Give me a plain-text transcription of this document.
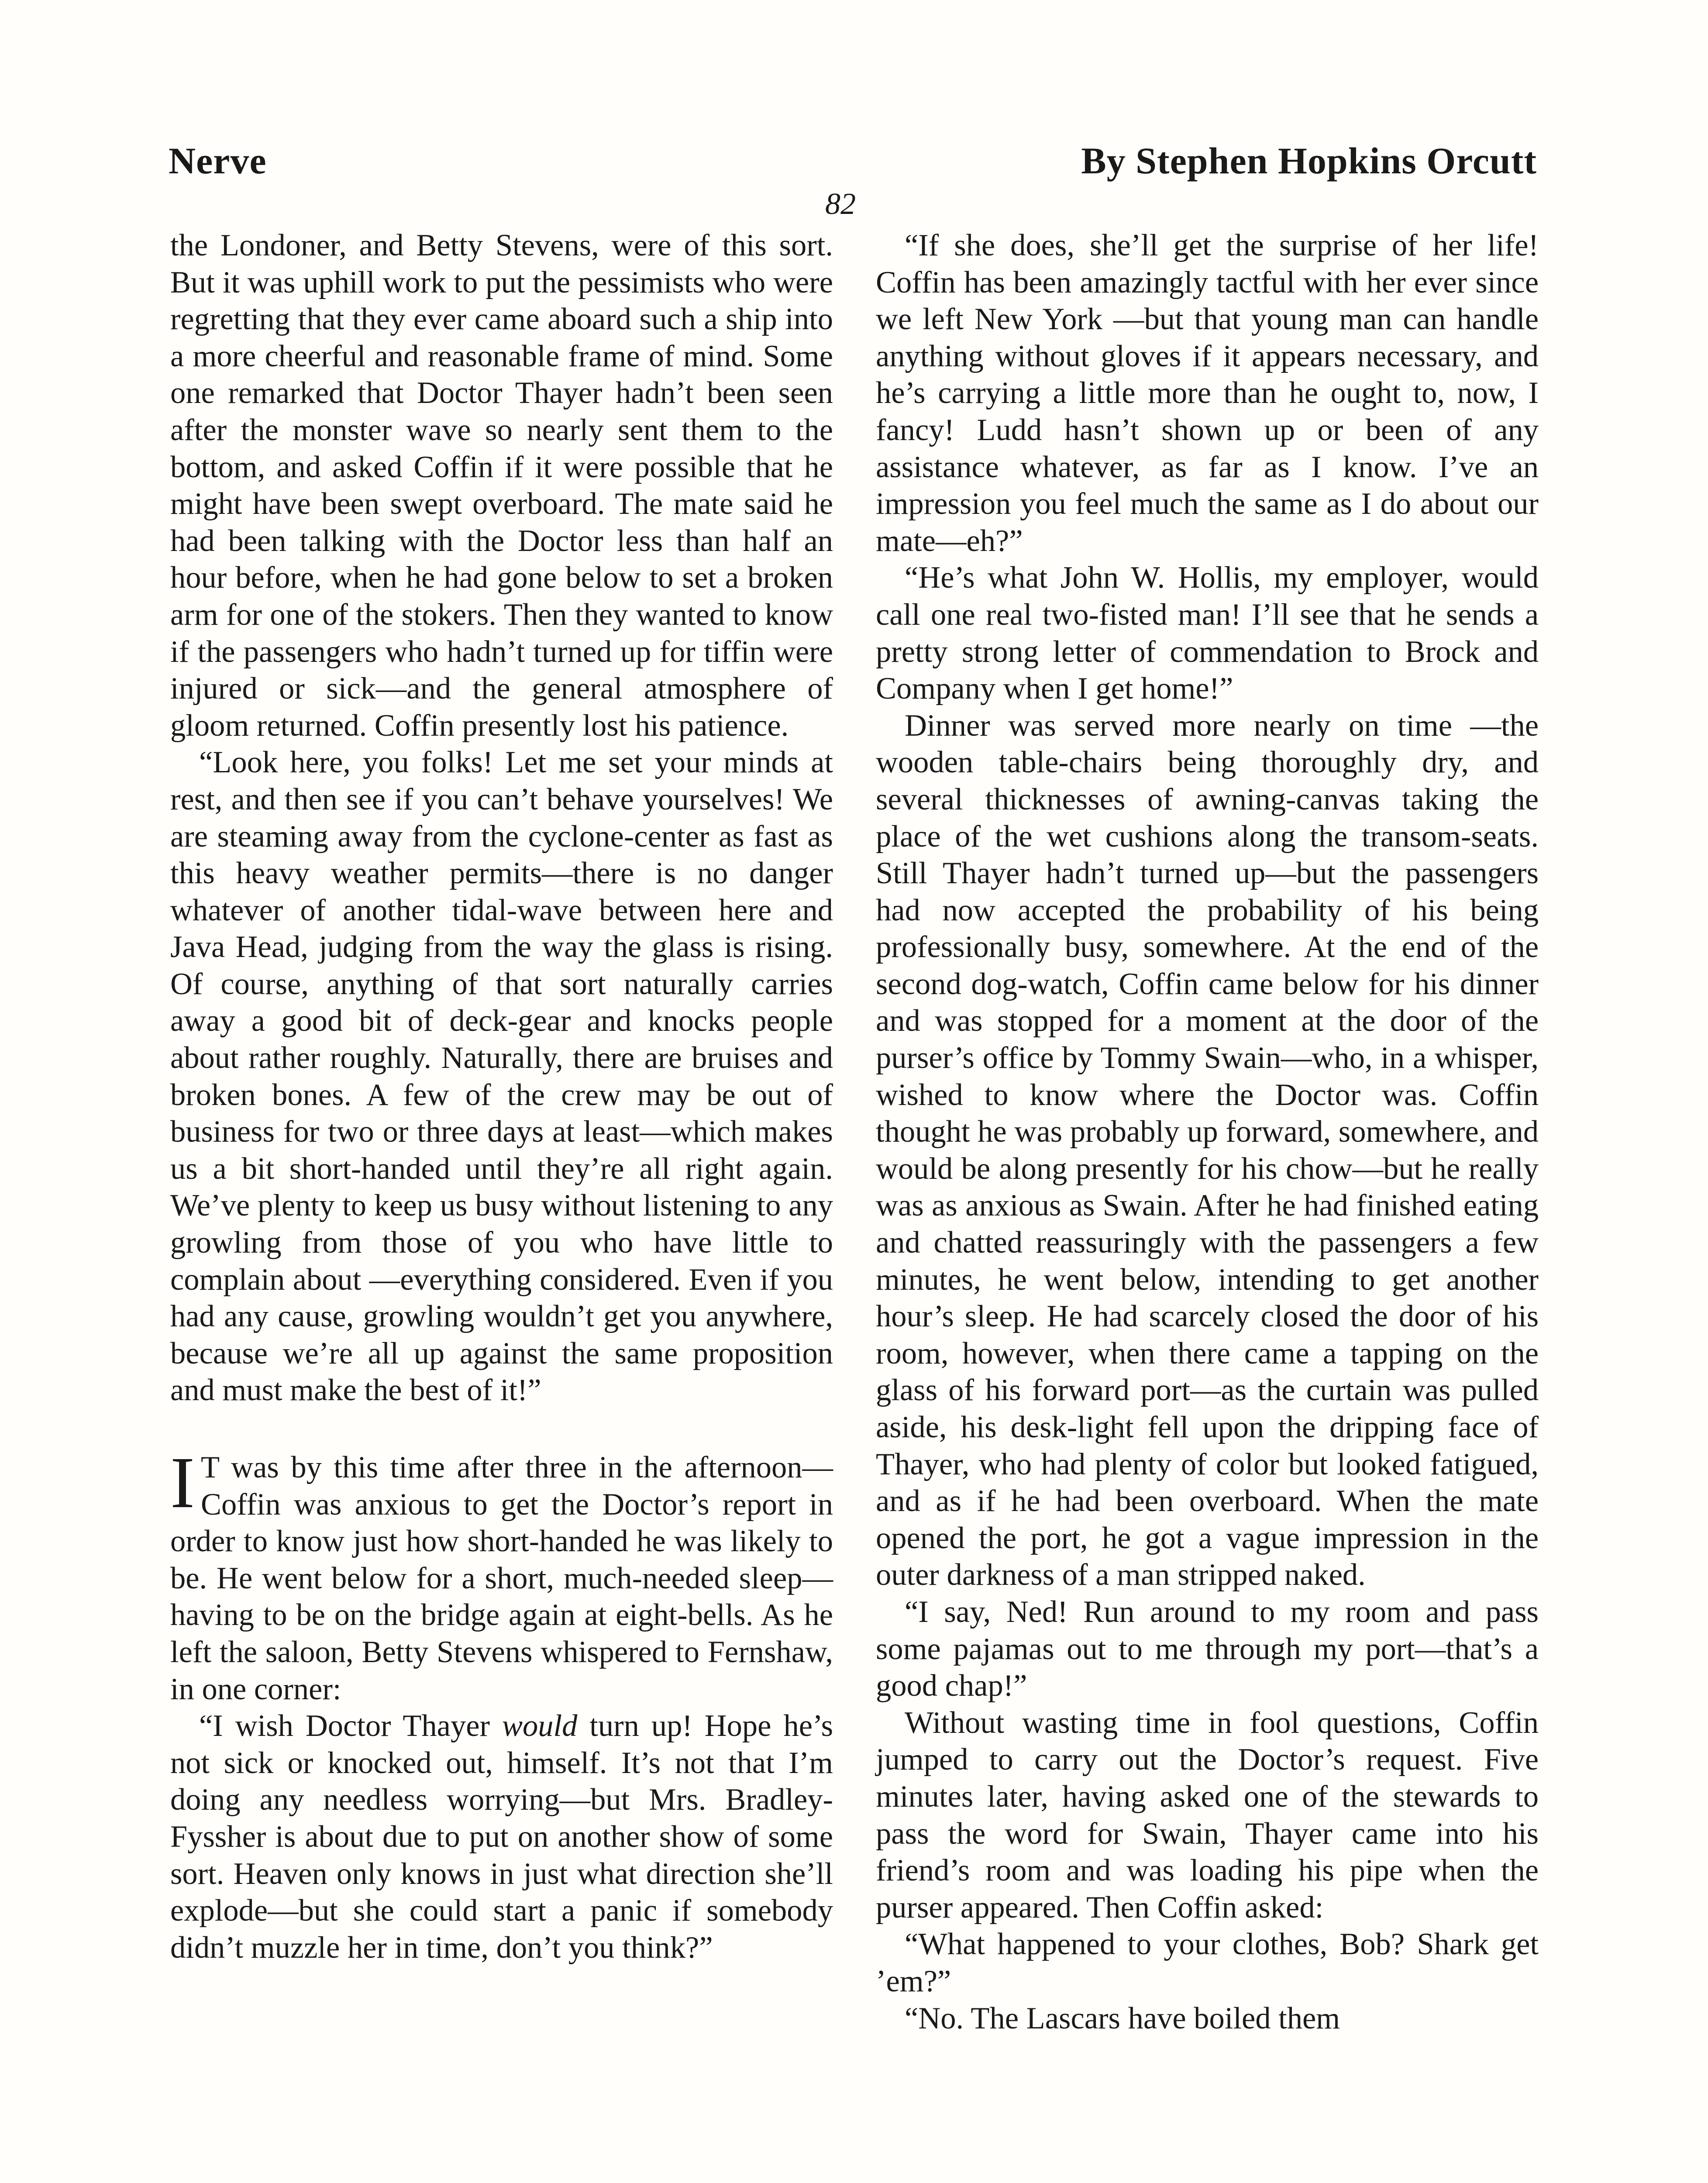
Nerve	By Stephen Hopkins Orcutt
82

the Londoner, and Betty Stevens, were of this sort. But it was uphill work to put the pessimists who were regretting that they ever came aboard such a ship into a more cheerful and reasonable frame of mind. Some one remarked that Doctor Thayer hadn’t been seen after the monster wave so nearly sent them to the bottom, and asked Coffin if it were possible that he might have been swept overboard. The mate said he had been talking with the Doctor less than half an hour before, when he had gone below to set a broken arm for one of the stokers. Then they wanted to know if the passengers who hadn’t turned up for tiffin were injured or sick—and the general atmosphere of gloom returned. Coffin presently lost his patience.

“Look here, you folks! Let me set your minds at rest, and then see if you can’t behave yourselves! We are steaming away from the cyclone-center as fast as this heavy weather permits—there is no danger whatever of another tidal-wave between here and Java Head, judging from the way the glass is rising. Of course, anything of that sort naturally carries away a good bit of deck-gear and knocks people about rather roughly. Naturally, there are bruises and broken bones. A few of the crew may be out of business for two or three days at least—which makes us a bit short-handed until they’re all right again. We’ve plenty to keep us busy without listening to any growling from those of you who have little to complain about —everything considered. Even if you had any cause, growling wouldn’t get you anywhere, because we’re all up against the same proposition and must make the best of it!”

I T was by this time after three in the afternoon—Coffin was anxious to get the Doctor’s report in order to know just how short-handed he was likely to be. He went below for a short, much-needed sleep—having to be on the bridge again at eight-bells. As he left the saloon, Betty Stevens whispered to Fernshaw, in one corner:

“I wish Doctor Thayer would turn up! Hope he’s not sick or knocked out, himself. It’s not that I’m doing any needless worrying—but Mrs. Bradley-Fyssher is about due to put on another show of some sort. Heaven only knows in just what direction she’ll explode—but she could start a panic if somebody didn’t muzzle her in time, don’t you think?”

“If she does, she’ll get the surprise of her life! Coffin has been amazingly tactful with her ever since we left New York —but that young man can handle anything without gloves if it appears necessary, and he’s carrying a little more than he ought to, now, I fancy! Ludd hasn’t shown up or been of any assistance whatever, as far as I know. I’ve an impression you feel much the same as I do about our mate—eh?”

“He’s what John W. Hollis, my employer, would call one real two-fisted man! I’ll see that he sends a pretty strong letter of commendation to Brock and Company when I get home!”

Dinner was served more nearly on time —the wooden table-chairs being thoroughly dry, and several thicknesses of awning-canvas taking the place of the wet cushions along the transom-seats. Still Thayer hadn’t turned up—but the passengers had now accepted the probability of his being professionally busy, somewhere. At the end of the second dog-watch, Coffin came below for his dinner and was stopped for a moment at the door of the purser’s office by Tommy Swain—who, in a whisper, wished to know where the Doctor was. Coffin thought he was probably up forward, somewhere, and would be along presently for his chow—but he really was as anxious as Swain. After he had finished eating and chatted reassuringly with the passengers a few minutes, he went below, intending to get another hour’s sleep. He had scarcely closed the door of his room, however, when there came a tapping on the glass of his forward port—as the curtain was pulled aside, his desk-light fell upon the dripping face of Thayer, who had plenty of color but looked fatigued, and as if he had been overboard. When the mate opened the port, he got a vague impression in the outer darkness of a man stripped naked.

“I say, Ned! Run around to my room and pass some pajamas out to me through my port—that’s a good chap!”

Without wasting time in fool questions, Coffin jumped to carry out the Doctor’s request. Five minutes later, having asked one of the stewards to pass the word for Swain, Thayer came into his friend’s room and was loading his pipe when the purser appeared. Then Coffin asked:

“What happened to your clothes, Bob? Shark get ’em?”

“No. The Lascars have boiled them
